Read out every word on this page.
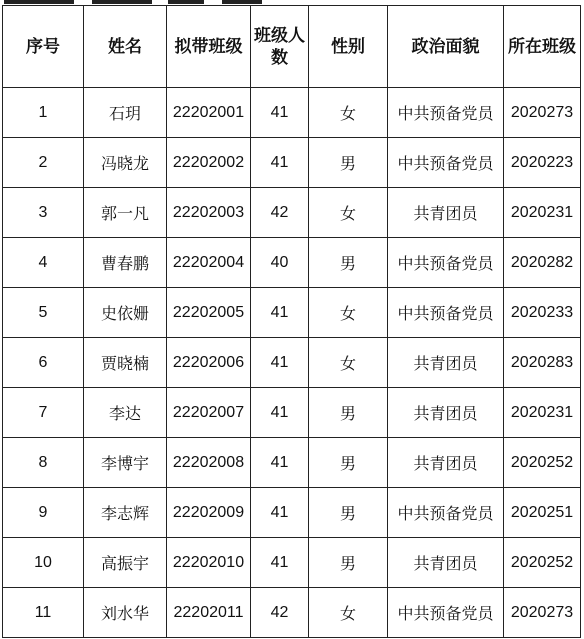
序号	姓名	拟带班级	班级人数	性别	政治面貌	所在班级
1	石玥	22202001	41	女	中共预备党员	2020273
2	冯晓龙	22202002	41	男	中共预备党员	2020223
3	郭一凡	22202003	42	女	共青团员	2020231
4	曹春鹏	22202004	40	男	中共预备党员	2020282
5	史依姗	22202005	41	女	中共预备党员	2020233
6	贾晓楠	22202006	41	女	共青团员	2020283
7	李达	22202007	41	男	共青团员	2020231
8	李博宇	22202008	41	男	共青团员	2020252
9	李志辉	22202009	41	男	中共预备党员	2020251
10	高振宇	22202010	41	男	共青团员	2020252
11	刘水华	22202011	42	女	中共预备党员	2020273
